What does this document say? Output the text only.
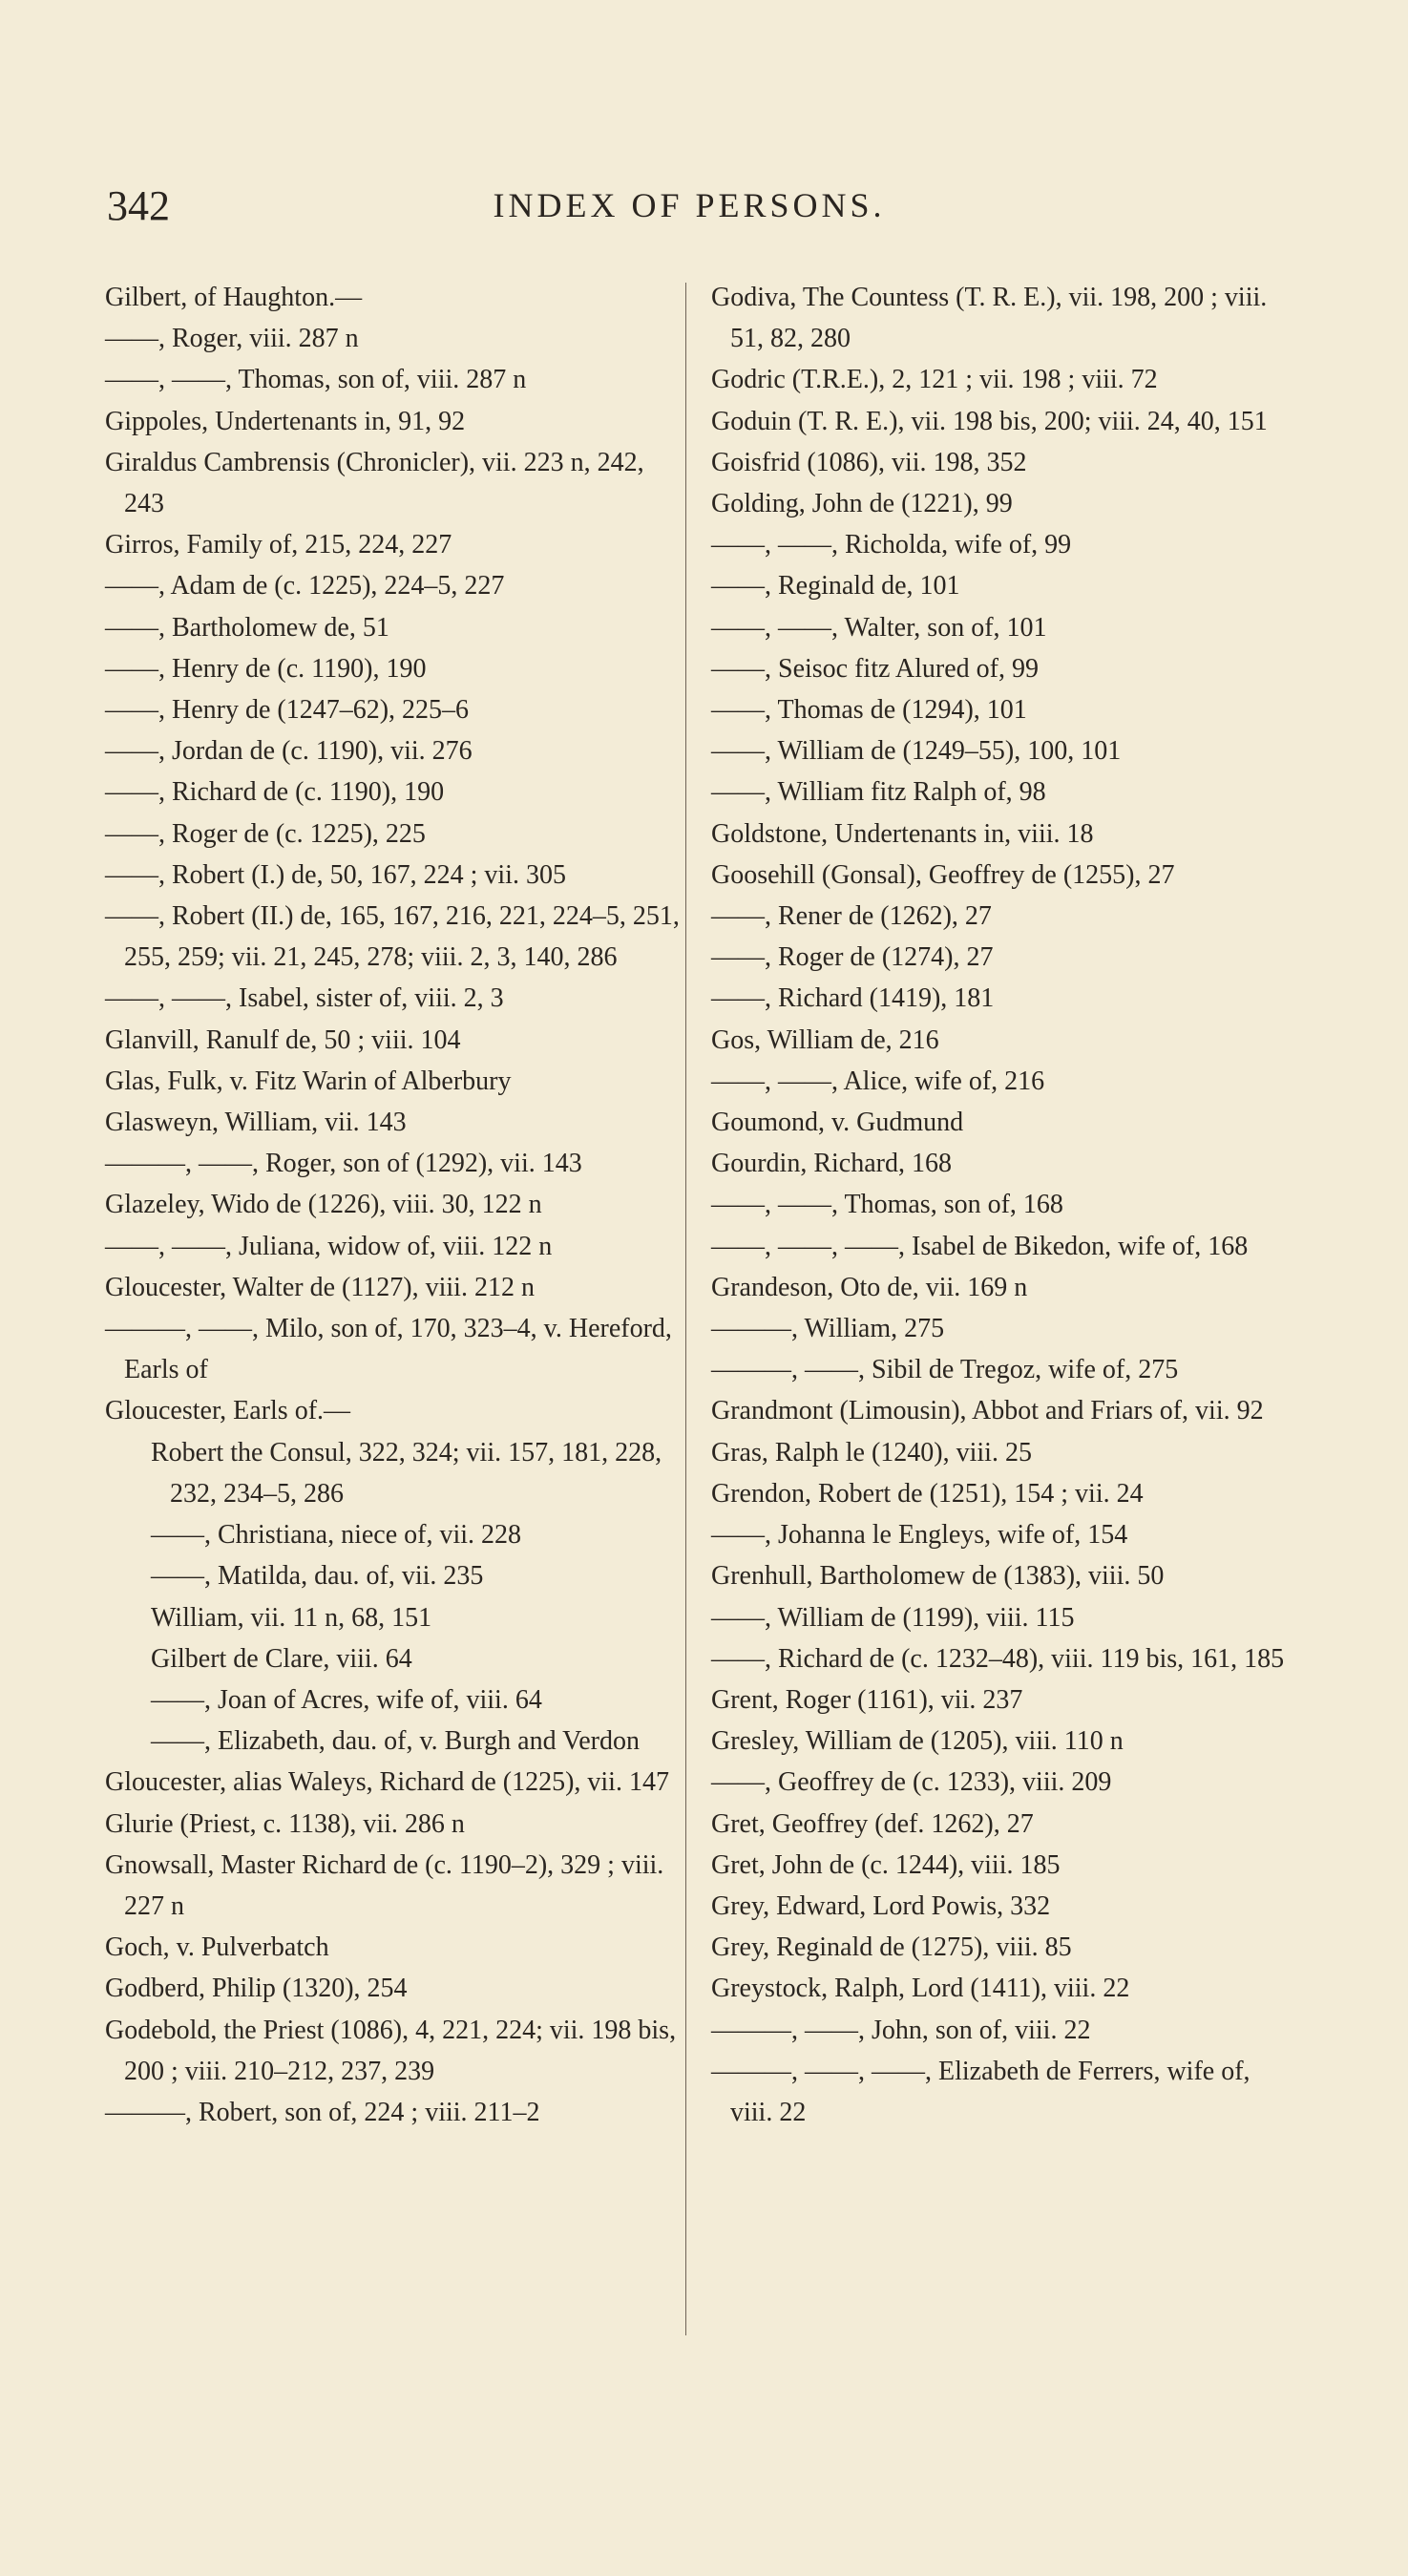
342	INDEX OF PERSONS.
Gilbert, of Haughton.—
——, Roger, viii. 287 n
——, ——, Thomas, son of, viii. 287 n
Gippoles, Undertenants in, 91, 92
Giraldus Cambrensis (Chronicler), vii. 223 n, 242, 243
Girros, Family of, 215, 224, 227
——, Adam de (c. 1225), 224–5, 227
——, Bartholomew de, 51
——, Henry de (c. 1190), 190
——, Henry de (1247–62), 225–6
——, Jordan de (c. 1190), vii. 276
——, Richard de (c. 1190), 190
——, Roger de (c. 1225), 225
——, Robert (I.) de, 50, 167, 224 ; vii. 305
——, Robert (II.) de, 165, 167, 216, 221, 224–5, 251, 255, 259; vii. 21, 245, 278; viii. 2, 3, 140, 286
——, ——, Isabel, sister of, viii. 2, 3
Glanvill, Ranulf de, 50 ; viii. 104
Glas, Fulk, v. Fitz Warin of Alberbury
Glasweyn, William, vii. 143
———, ——, Roger, son of (1292), vii. 143
Glazeley, Wido de (1226), viii. 30, 122 n
——, ——, Juliana, widow of, viii. 122 n
Gloucester, Walter de (1127), viii. 212 n
———, ——, Milo, son of, 170, 323–4, v. Hereford, Earls of
Gloucester, Earls of.—
Robert the Consul, 322, 324; vii. 157, 181, 228, 232, 234–5, 286
——, Christiana, niece of, vii. 228
——, Matilda, dau. of, vii. 235
William, vii. 11 n, 68, 151
Gilbert de Clare, viii. 64
——, Joan of Acres, wife of, viii. 64
——, Elizabeth, dau. of, v. Burgh and Verdon
Gloucester, alias Waleys, Richard de (1225), vii. 147
Glurie (Priest, c. 1138), vii. 286 n
Gnowsall, Master Richard de (c. 1190–2), 329 ; viii. 227 n
Goch, v. Pulverbatch
Godberd, Philip (1320), 254
Godebold, the Priest (1086), 4, 221, 224; vii. 198 bis, 200 ; viii. 210–212, 237, 239
———, Robert, son of, 224 ; viii. 211–2
Godiva, The Countess (T. R. E.), vii. 198, 200 ; viii. 51, 82, 280
Godric (T.R.E.), 2, 121 ; vii. 198 ; viii. 72
Goduin (T. R. E.), vii. 198 bis, 200; viii. 24, 40, 151
Goisfrid (1086), vii. 198, 352
Golding, John de (1221), 99
——, ——, Richolda, wife of, 99
——, Reginald de, 101
——, ——, Walter, son of, 101
——, Seisoc fitz Alured of, 99
——, Thomas de (1294), 101
——, William de (1249–55), 100, 101
——, William fitz Ralph of, 98
Goldstone, Undertenants in, viii. 18
Goosehill (Gonsal), Geoffrey de (1255), 27
——, Rener de (1262), 27
——, Roger de (1274), 27
——, Richard (1419), 181
Gos, William de, 216
——, ——, Alice, wife of, 216
Goumond, v. Gudmund
Gourdin, Richard, 168
——, ——, Thomas, son of, 168
——, ——, ——, Isabel de Bikedon, wife of, 168
Grandeson, Oto de, vii. 169 n
———, William, 275
———, ——, Sibil de Tregoz, wife of, 275
Grandmont (Limousin), Abbot and Friars of, vii. 92
Gras, Ralph le (1240), viii. 25
Grendon, Robert de (1251), 154 ; vii. 24
——, Johanna le Engleys, wife of, 154
Grenhull, Bartholomew de (1383), viii. 50
——, William de (1199), viii. 115
——, Richard de (c. 1232–48), viii. 119 bis, 161, 185
Grent, Roger (1161), vii. 237
Gresley, William de (1205), viii. 110 n
——, Geoffrey de (c. 1233), viii. 209
Gret, Geoffrey (def. 1262), 27
Gret, John de (c. 1244), viii. 185
Grey, Edward, Lord Powis, 332
Grey, Reginald de (1275), viii. 85
Greystock, Ralph, Lord (1411), viii. 22
———, ——, John, son of, viii. 22
———, ——, ——, Elizabeth de Ferrers, wife of, viii. 22
